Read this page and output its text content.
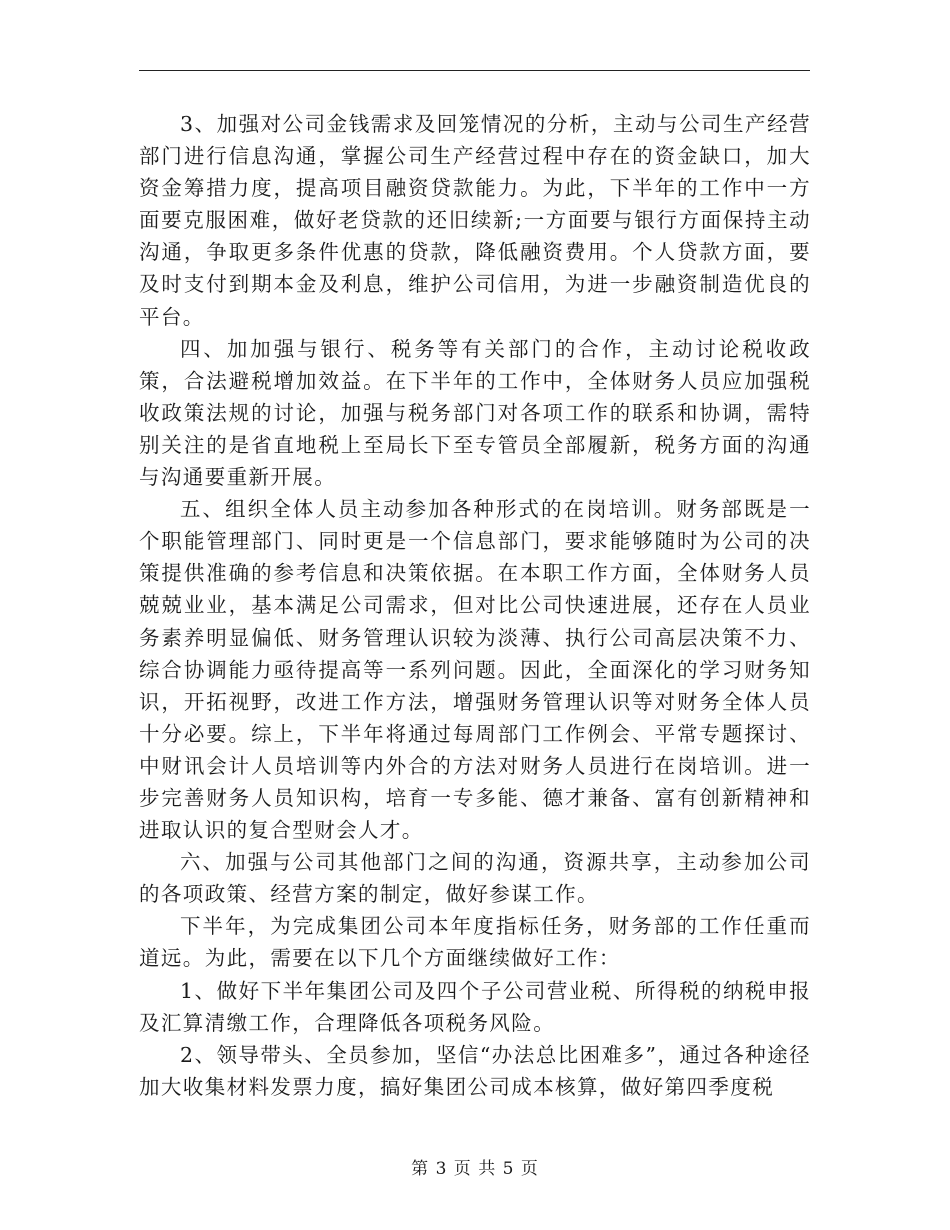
3、加强对公司金钱需求及回笼情况的分析，主动与公司生产经营部门进行信息沟通，掌握公司生产经营过程中存在的资金缺口，加大资金筹措力度，提高项目融资贷款能力。为此，下半年的工作中一方面要克服困难，做好老贷款的还旧续新;一方面要与银行方面保持主动沟通，争取更多条件优惠的贷款，降低融资费用。个人贷款方面，要及时支付到期本金及利息，维护公司信用，为进一步融资制造优良的平台。

四、加加强与银行、税务等有关部门的合作，主动讨论税收政策，合法避税增加效益。在下半年的工作中，全体财务人员应加强税收政策法规的讨论，加强与税务部门对各项工作的联系和协调，需特别关注的是省直地税上至局长下至专管员全部履新，税务方面的沟通与沟通要重新开展。

五、组织全体人员主动参加各种形式的在岗培训。财务部既是一个职能管理部门、同时更是一个信息部门，要求能够随时为公司的决策提供准确的参考信息和决策依据。在本职工作方面，全体财务人员兢兢业业，基本满足公司需求，但对比公司快速进展，还存在人员业务素养明显偏低、财务管理认识较为淡薄、执行公司高层决策不力、综合协调能力亟待提高等一系列问题。因此，全面深化的学习财务知识，开拓视野，改进工作方法，增强财务管理认识等对财务全体人员十分必要。综上，下半年将通过每周部门工作例会、平常专题探讨、中财讯会计人员培训等内外合的方法对财务人员进行在岗培训。进一步完善财务人员知识构，培育一专多能、德才兼备、富有创新精神和进取认识的复合型财会人才。

六、加强与公司其他部门之间的沟通，资源共享，主动参加公司的各项政策、经营方案的制定，做好参谋工作。

下半年，为完成集团公司本年度指标任务，财务部的工作任重而道远。为此，需要在以下几个方面继续做好工作：

1、做好下半年集团公司及四个子公司营业税、所得税的纳税申报及汇算清缴工作，合理降低各项税务风险。

2、领导带头、全员参加，坚信“办法总比困难多”，通过各种途径加大收集材料发票力度，搞好集团公司成本核算，做好第四季度税

第 3 页 共 5 页
